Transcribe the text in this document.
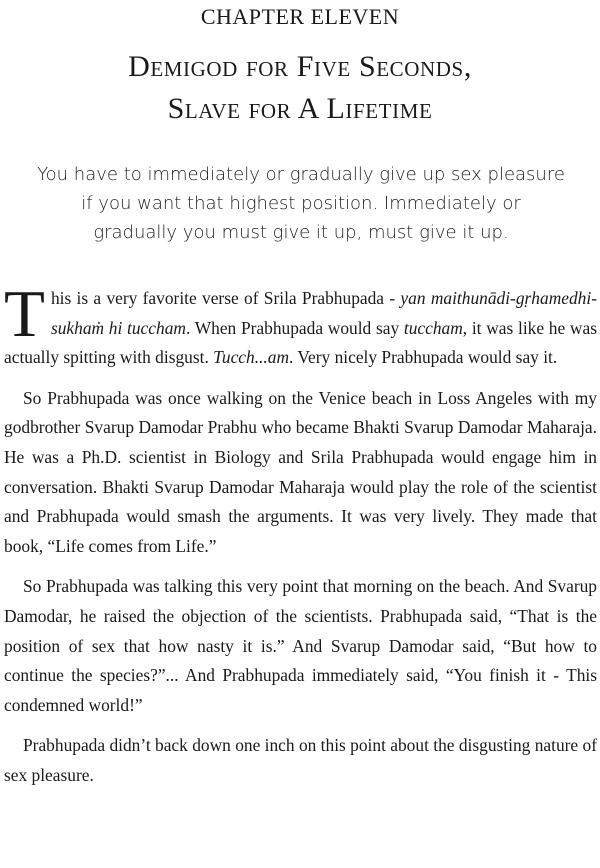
CHAPTER ELEVEN
Demigod for Five Seconds,
Slave for A Lifetime
You have to immediately or gradually give up sex pleasure
if you want that highest position. Immediately or
gradually you must give it up, must give it up.

This is a very favorite verse of Srila Prabhupada - yan maithunādi-gṛhamedhi-sukhaṁ hi tuccham. When Prabhupada would say tuccham, it was like he was actually spitting with disgust. Tucch...am. Very nicely Prabhupada would say it.

So Prabhupada was once walking on the Venice beach in Loss Angeles with my godbrother Svarup Damodar Prabhu who became Bhakti Svarup Damodar Maharaja. He was a Ph.D. scientist in Biology and Srila Prabhupada would engage him in conversation. Bhakti Svarup Damodar Maharaja would play the role of the scientist and Prabhupada would smash the arguments. It was very lively. They made that book, “Life comes from Life.”

So Prabhupada was talking this very point that morning on the beach. And Svarup Damodar, he raised the objection of the scientists. Prabhupada said, “That is the position of sex that how nasty it is.” And Svarup Damodar said, “But how to continue the species?”... And Prabhupada immediately said, “You finish it - This condemned world!”

Prabhupada didn’t back down one inch on this point about the disgusting nature of sex pleasure.
